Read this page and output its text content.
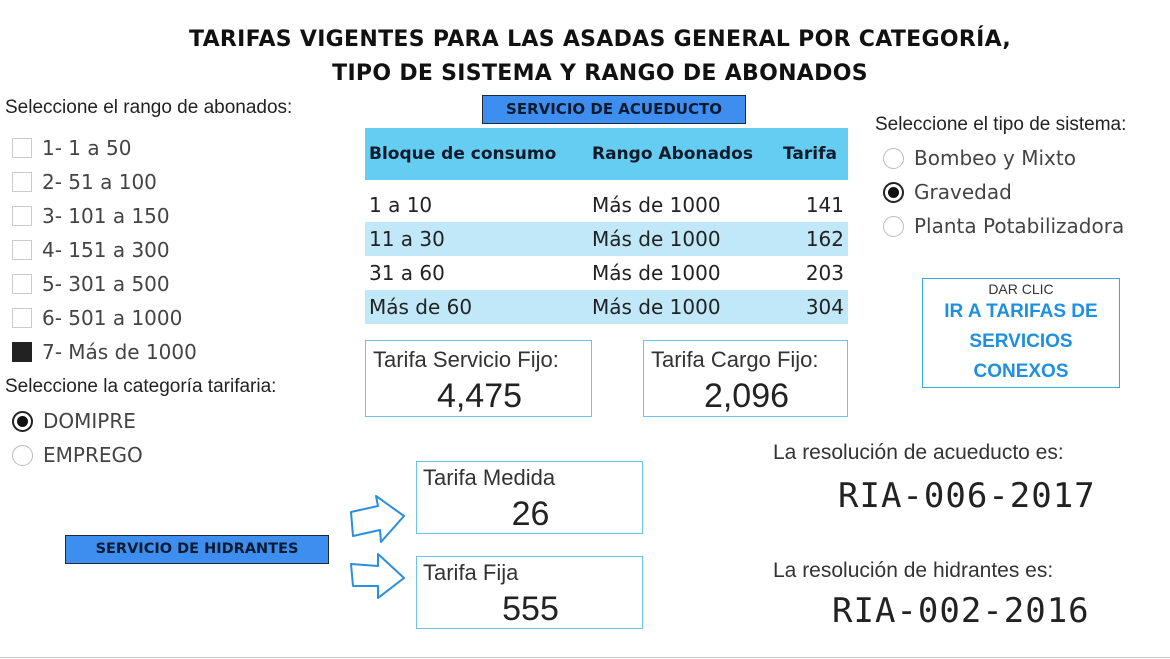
TARIFAS VIGENTES PARA LAS ASADAS GENERAL POR CATEGORÍA,
TIPO DE SISTEMA Y RANGO DE ABONADOS
Seleccione el rango de abonados:
1- 1 a 50
2- 51 a 100
3- 101 a 150
4- 151 a 300
5- 301 a 500
6- 501 a 1000
7- Más de 1000
Seleccione la categoría tarifaria:
DOMIPRE
EMPREGO
SERVICIO DE ACUEDUCTO
Bloque de consumo	Rango Abonados	Tarifa

1 a 10	Más de 1000	141
11 a 30	Más de 1000	162
31 a 60	Más de 1000	203
Más de 60	Más de 1000	304
Tarifa Servicio Fijo:
4,475
Tarifa Cargo Fijo:
2,096
Seleccione el tipo de sistema:
Bombeo y Mixto
Gravedad
Planta Potabilizadora
DAR CLIC
IR A TARIFAS DE
SERVICIOS
CONEXOS
SERVICIO DE HIDRANTES
Tarifa Medida
26
Tarifa Fija
555
La resolución de acueducto es:
RIA-006-2017
La resolución de hidrantes es:
RIA-002-2016
